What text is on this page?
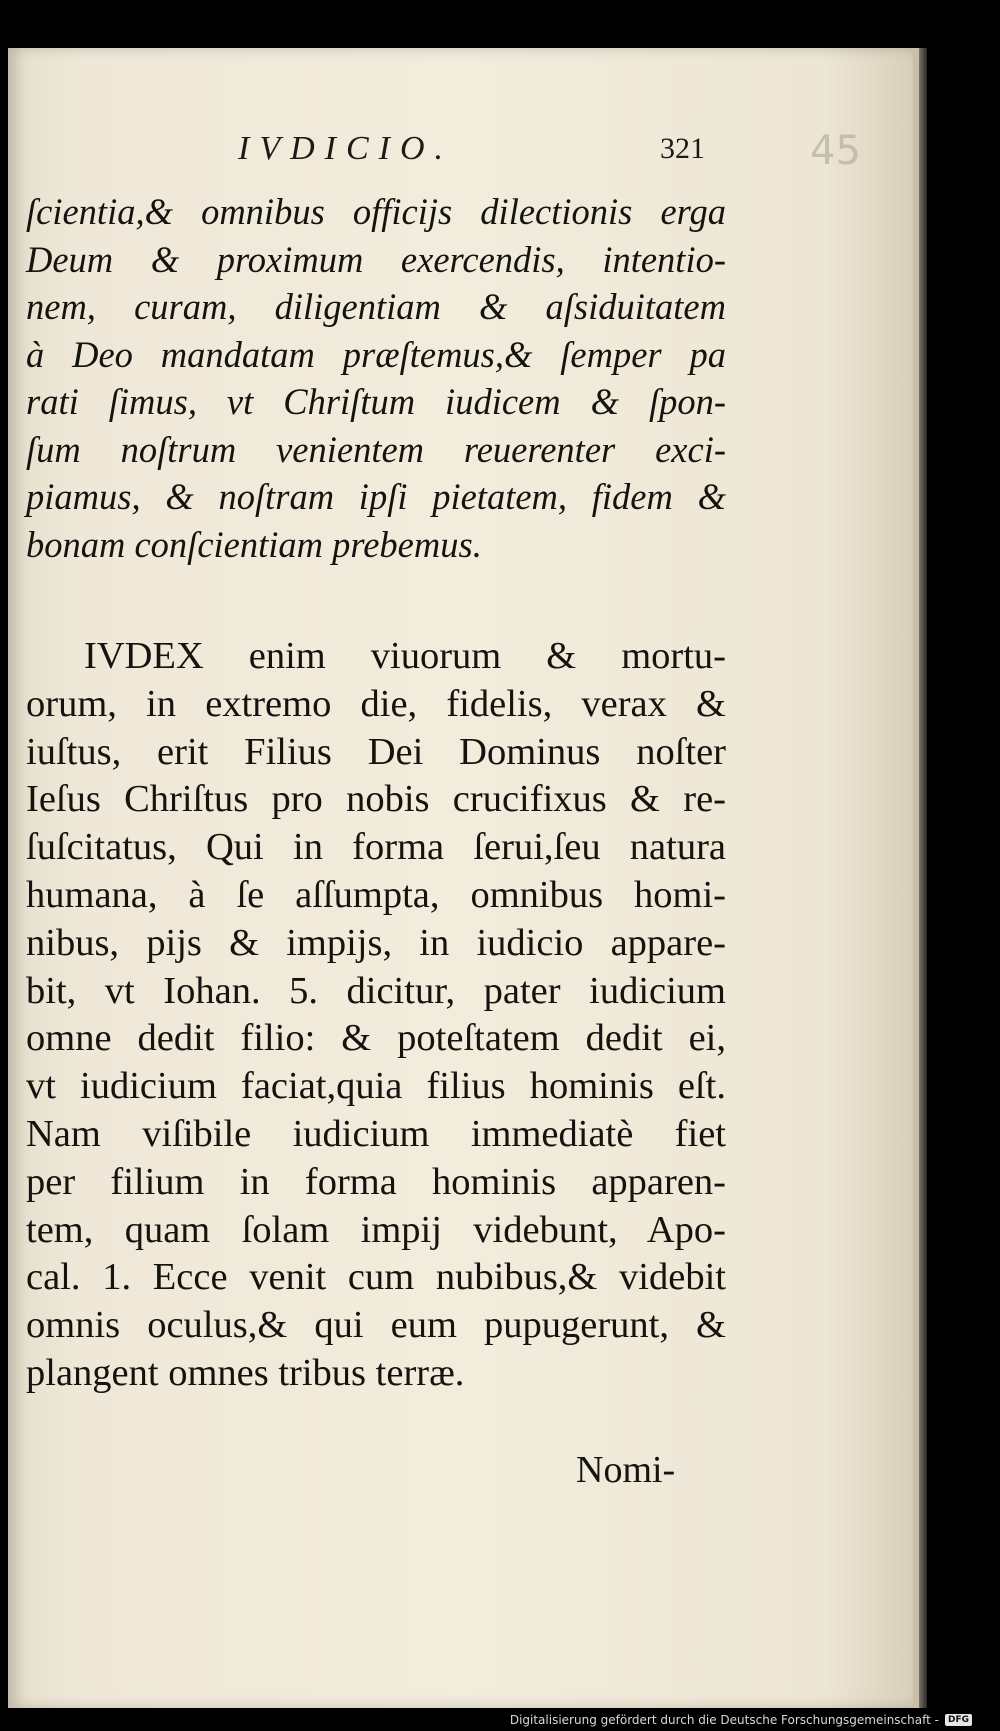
IVDICIO.	321	45
ſcientia,& omnibus officijs dilectionis erga
Deum & proximum exercendis, intentio-
nem, curam, diligentiam & aſsiduitatem
à Deo mandatam præſtemus,& ſemper pa
rati ſimus, vt Chriſtum iudicem & ſpon-
ſum noſtrum venientem reuerenter exci-
piamus, & noſtram ipſi pietatem, fidem &
bonam conſcientiam prebemus.
IVDEX enim viuorum & mortu-
orum, in extremo die, fidelis, verax &
iuſtus, erit Filius Dei Dominus noſter
Ieſus Chriſtus pro nobis crucifixus & re-
ſuſcitatus, Qui in forma ſerui,ſeu natura
humana, à ſe aſſumpta, omnibus homi-
nibus, pijs & impijs, in iudicio appare-
bit, vt Iohan. 5. dicitur, pater iudicium
omne dedit filio: & poteſtatem dedit ei,
vt iudicium faciat,quia filius hominis eſt.
Nam viſibile iudicium immediatè fiet
per filium in forma hominis apparen-
tem, quam ſolam impij videbunt, Apo-
cal. 1. Ecce venit cum nubibus,& videbit
omnis oculus,& qui eum pupugerunt, &
plangent omnes tribus terræ.
Nomi-
Digitalisierung gefördert durch die Deutsche Forschungsgemeinschaft -	DFG
